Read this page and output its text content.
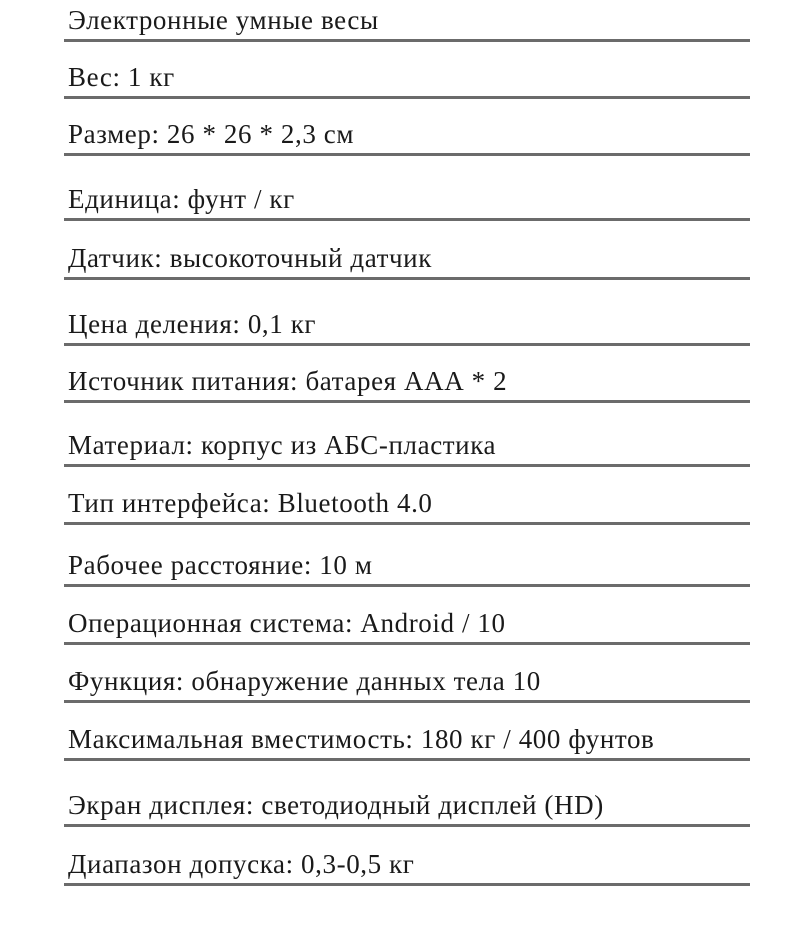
Электронные умные весы
Вес: 1 кг
Размер: 26 * 26 * 2,3 см
Единица: фунт / кг
Датчик: высокоточный датчик
Цена деления: 0,1 кг
Источник питания: батарея ААА * 2
Материал: корпус из АБС-пластика
Тип интерфейса: Bluetooth 4.0
Рабочее расстояние: 10 м
Операционная система: Android / 10
Функция: обнаружение данных тела 10
Максимальная вместимость: 180 кг / 400 фунтов
Экран дисплея: светодиодный дисплей (HD)
Диапазон допуска: 0,3-0,5 кг
